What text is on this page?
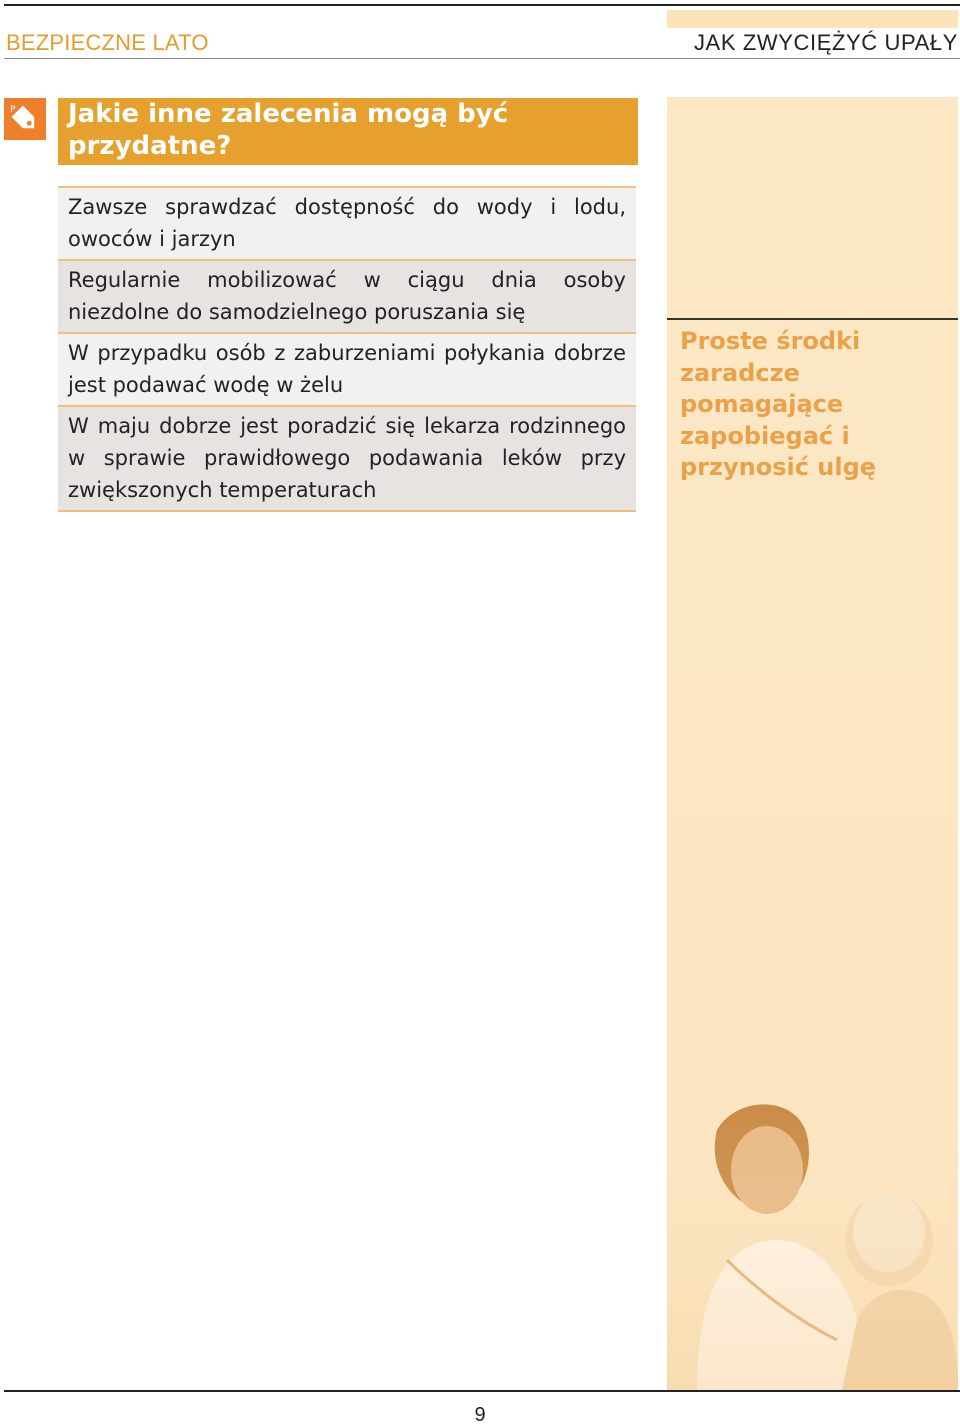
BEZPIECZNE LATO	JAK ZWYCIĘŻYĆ UPAŁY
Proste środki zaradcze pomagające zapobiegać i przynosić ulgę
P	Jakie inne zalecenia mogą być przydatne?
Zawsze sprawdzać dostępność do wody i lodu, owoców i jarzyn
Regularnie mobilizować w ciągu dnia osoby niezdolne do samodzielnego poruszania się
W przypadku osób z zaburzeniami połykania dobrze jest podawać wodę w żelu
W maju dobrze jest poradzić się lekarza rodzinnego w sprawie prawidłowego podawania leków przy zwiększonych temperaturach
9
